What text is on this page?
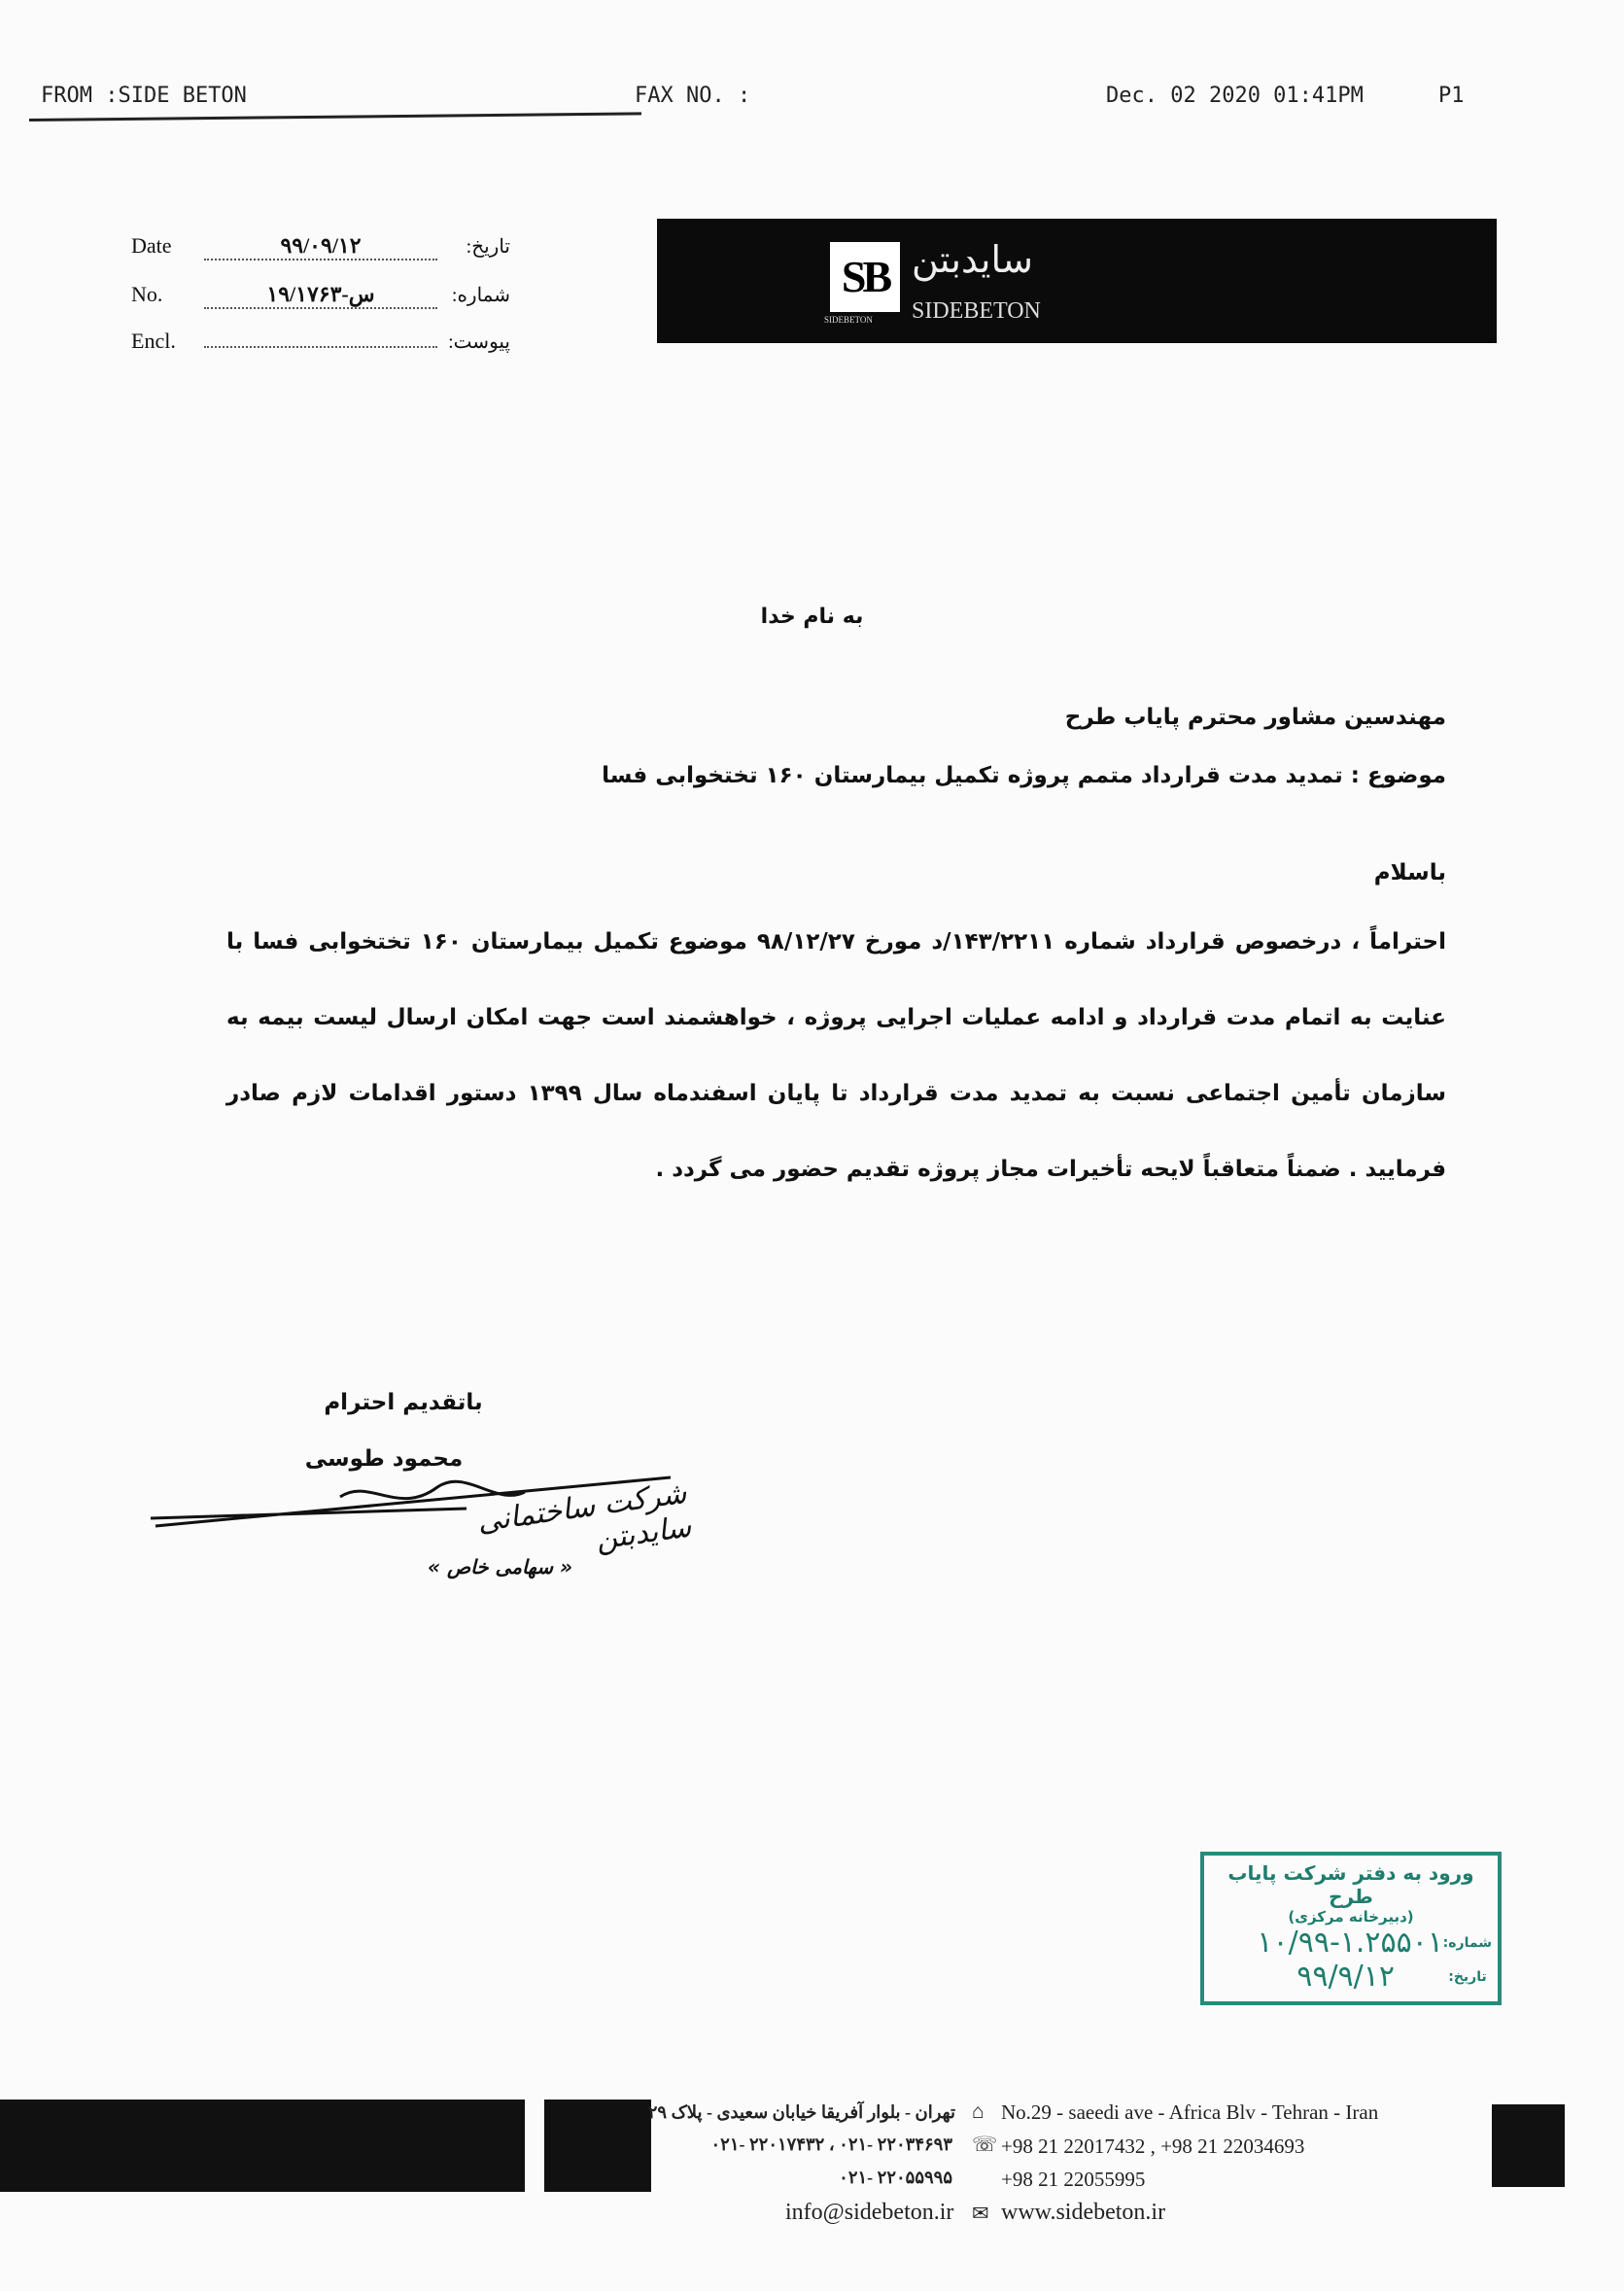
FROM :SIDE BETON	FAX NO. :	Dec. 02 2020 01:41PM	P1
Date	۹۹/۰۹/۱۲	تاریخ:
No.	۱۹/۱۷۶۳-س	شماره:
Encl.	پیوست:
SB
SIDEBETON
سایدبتن
SIDEBETON
به نام خدا
مهندسین مشاور محترم پایاب طرح
موضوع : تمدید مدت قرارداد متمم پروژه تکمیل بیمارستان ۱۶۰ تختخوابی فسا
باسلام
احتراماً ، درخصوص قرارداد شماره ۱۴۳/۲۲۱۱/د مورخ ۹۸/۱۲/۲۷ موضوع تکمیل بیمارستان ۱۶۰ تختخوابی فسا با عنایت به اتمام مدت قرارداد و ادامه عملیات اجرایی پروژه ، خواهشمند است جهت امکان ارسال لیست بیمه به سازمان تأمین اجتماعی نسبت به تمدید مدت قرارداد تا پایان اسفندماه سال ۱۳۹۹ دستور اقدامات لازم صادر فرمایید . ضمناً متعاقباً لایحه تأخیرات مجاز پروژه تقدیم حضور می گردد .
باتقدیم احترام
محمود طوسی
شرکت ساختمانی سایدبتن
« سهامی خاص »
ورود به دفتر شرکت پایاب طرح
(دبیرخانه مرکزی)
شماره:
۱۰/۹۹-۱.۲۵۵۰۱
تاریخ:
۹۹/۹/۱۲
تهران - بلوار آفریقا خیابان سعیدی - پلاک ۲۹ ⌂ No.29 - saeedi ave - Africa Blv - Tehran - Iran
۰۲۱- ۲۲۰۱۷۴۳۲ ، ۰۲۱- ۲۲۰۳۴۶۹۳ ☏ +98 21 22017432 , +98 21 22034693
۰۲۱- ۲۲۰۵۵۹۹۵ +98 21 22055995
info@sidebeton.ir ✉ www.sidebeton.ir
